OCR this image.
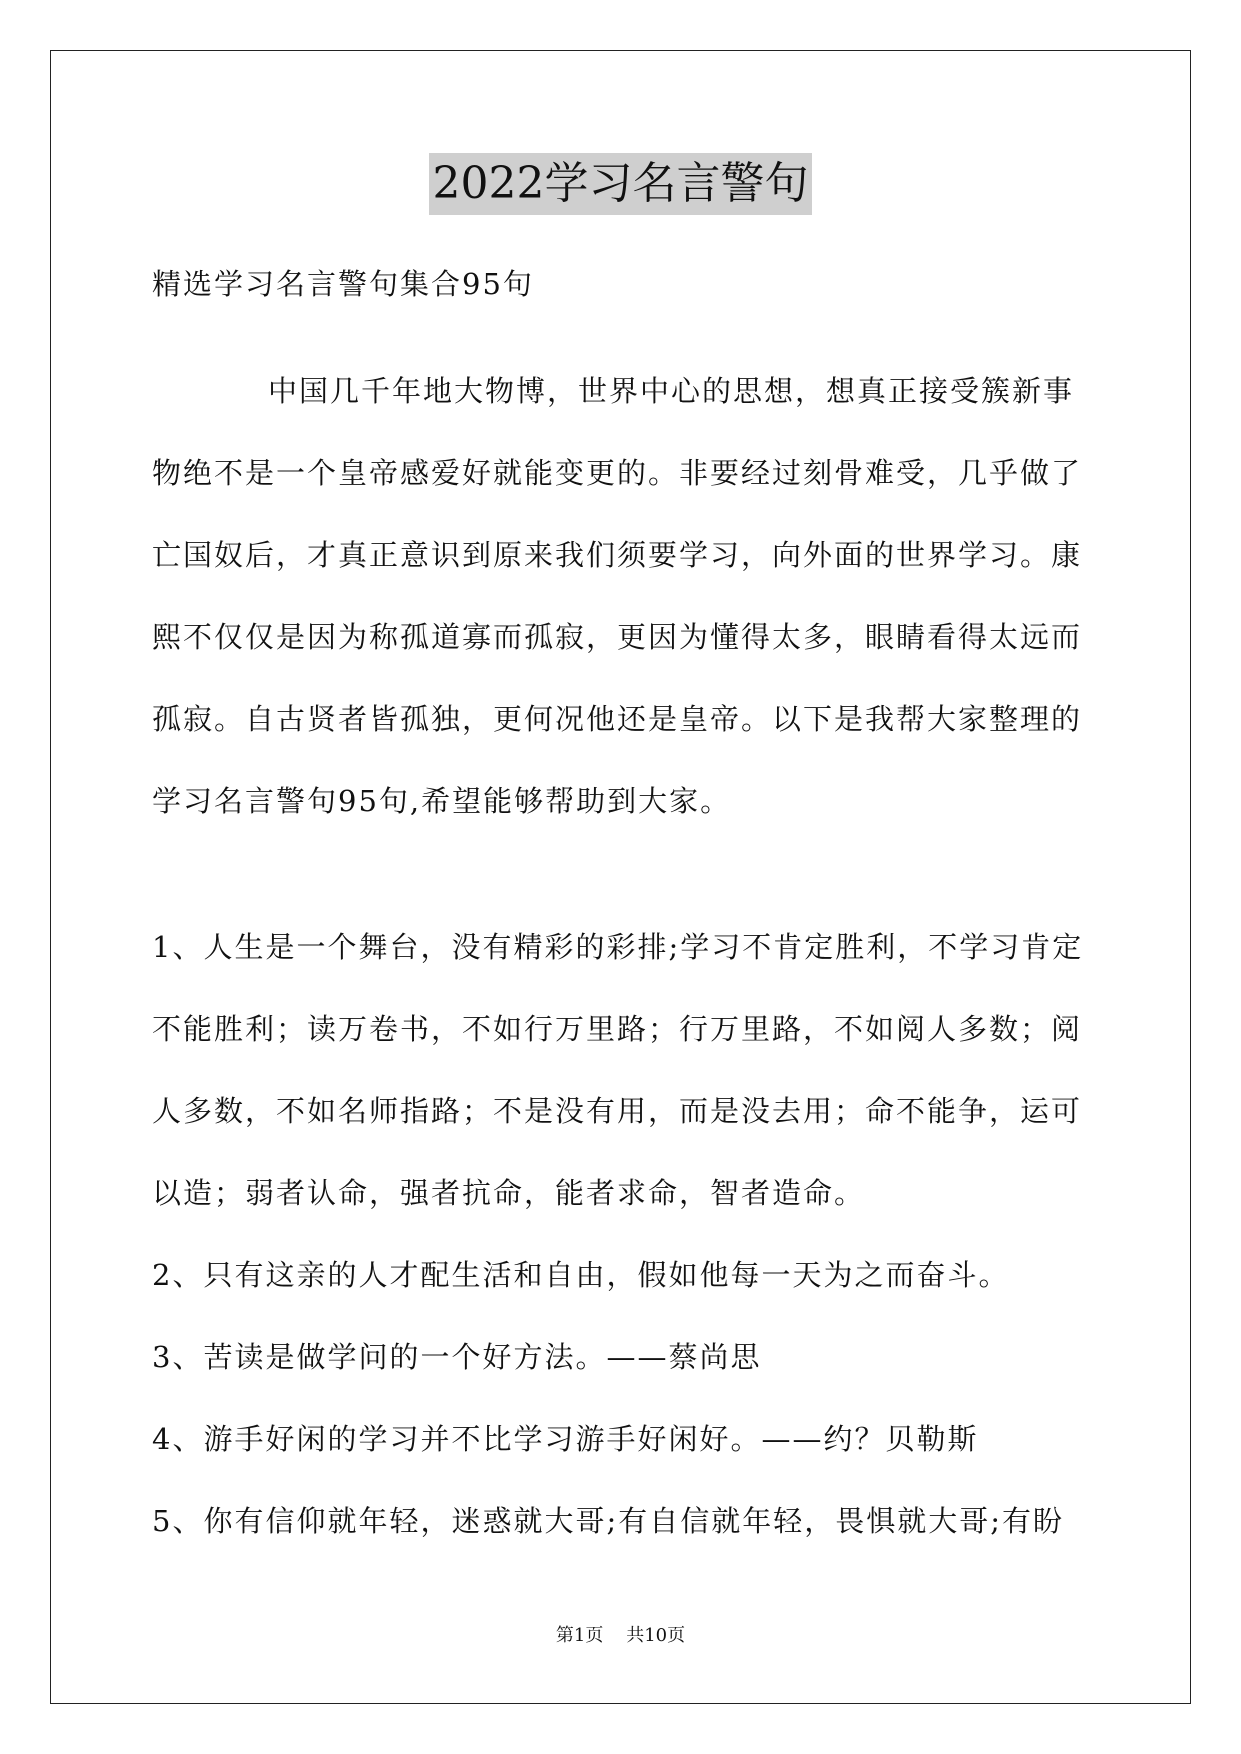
2022学习名言警句
精选学习名言警句集合95句

中国几千年地大物博，世界中心的思想，想真正接受簇新事物绝不是一个皇帝感爱好就能变更的。非要经过刻骨难受，几乎做了亡国奴后，才真正意识到原来我们须要学习，向外面的世界学习。康熙不仅仅是因为称孤道寡而孤寂，更因为懂得太多，眼睛看得太远而孤寂。自古贤者皆孤独，更何况他还是皇帝。以下是我帮大家整理的学习名言警句95句,希望能够帮助到大家。

1、人生是一个舞台，没有精彩的彩排;学习不肯定胜利，不学习肯定不能胜利；读万卷书，不如行万里路；行万里路，不如阅人多数；阅人多数，不如名师指路；不是没有用，而是没去用；命不能争，运可以造；弱者认命，强者抗命，能者求命，智者造命。

2、只有这亲的人才配生活和自由，假如他每一天为之而奋斗。

3、苦读是做学问的一个好方法。——蔡尚思

4、游手好闲的学习并不比学习游手好闲好。——约？贝勒斯

5、你有信仰就年轻，迷惑就大哥;有自信就年轻，畏惧就大哥;有盼

第1页    共10页
